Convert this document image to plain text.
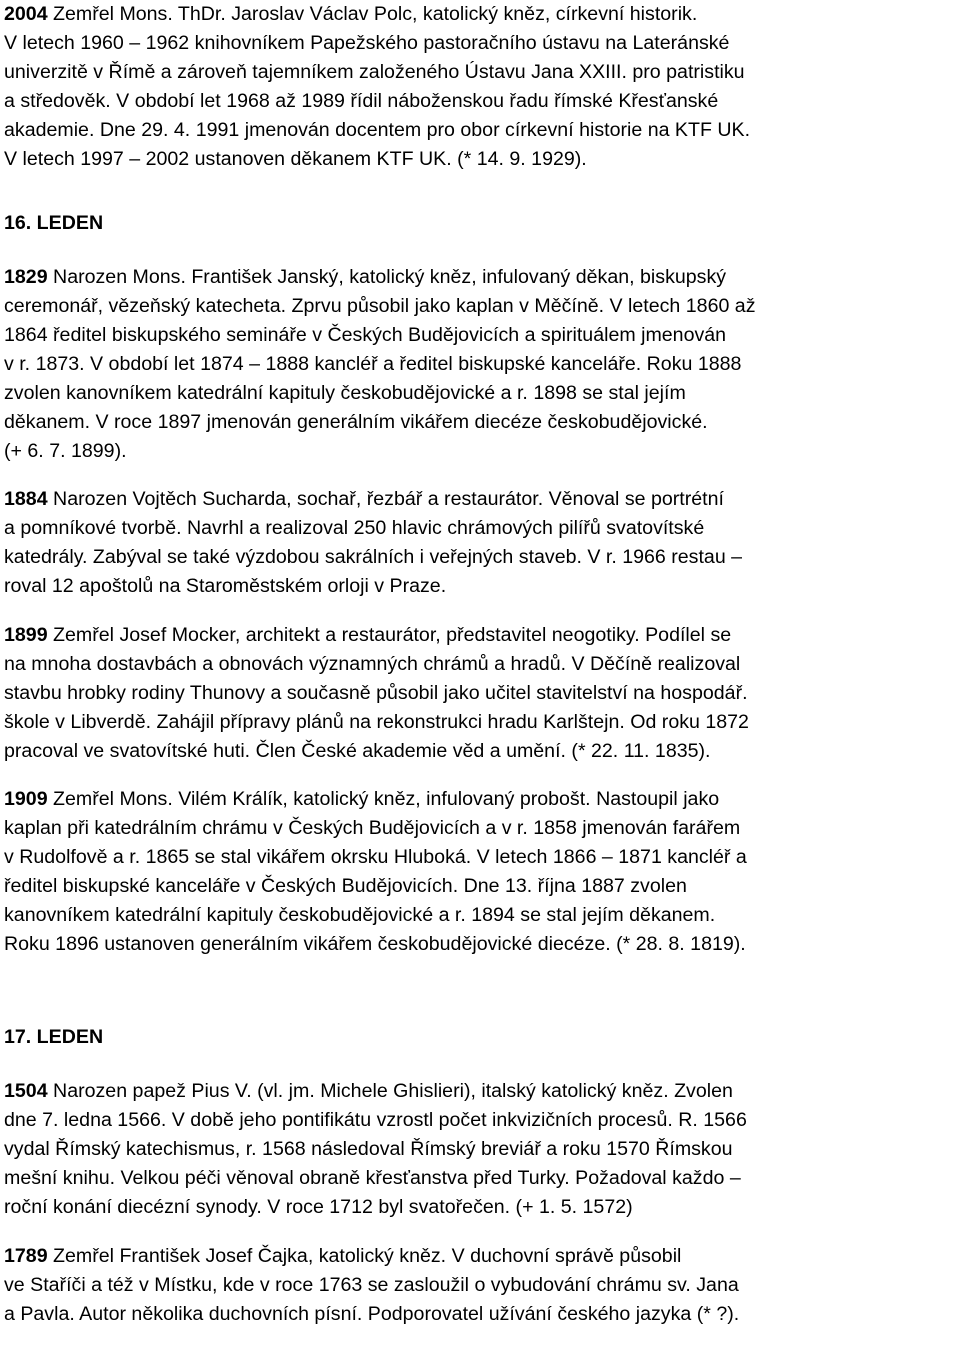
2004 Zemřel Mons. ThDr. Jaroslav Václav Polc, katolický kněz, církevní historik.
V letech 1960 – 1962 knihovníkem Papežského pastoračního ústavu na Lateránské
univerzitě v Římě a zároveň tajemníkem založeného Ústavu Jana XXIII. pro patristiku
a středověk. V období let 1968 až 1989 řídil náboženskou řadu římské Křesťanské
akademie. Dne 29. 4. 1991 jmenován docentem pro obor církevní historie na KTF UK.
V letech 1997 – 2002 ustanoven děkanem KTF UK. (* 14. 9. 1929).
16. LEDEN
1829 Narozen Mons. František Janský, katolický kněz, infulovaný děkan, biskupský
ceremonář, vězeňský katecheta. Zprvu působil jako kaplan v Měčíně. V letech 1860 až
1864 ředitel biskupského semináře v Českých Budějovicích a spirituálem jmenován
v r. 1873. V období let 1874 – 1888 kancléř a ředitel biskupské kanceláře. Roku 1888
zvolen kanovníkem katedrální kapituly českobudějovické a r. 1898 se stal jejím
děkanem. V roce 1897 jmenován generálním vikářem diecéze českobudějovické.
(+ 6. 7. 1899).
1884 Narozen Vojtěch Sucharda, sochař, řezbář a restaurátor. Věnoval se portrétní
a pomníkové tvorbě. Navrhl a realizoval 250 hlavic chrámových pilířů svatovítské
katedrály. Zabýval se také výzdobou sakrálních i veřejných staveb. V r. 1966 restau –
roval 12 apoštolů na Staroměstském orloji v Praze.
1899 Zemřel Josef Mocker, architekt a restaurátor, představitel neogotiky. Podílel se
na mnoha dostavbách a obnovách významných chrámů a hradů. V Děčíně realizoval
stavbu hrobky rodiny Thunovy a současně působil jako učitel stavitelství na hospodář.
škole v Libverdě. Zahájil přípravy plánů na rekonstrukci hradu Karlštejn. Od roku 1872
pracoval ve svatovítské huti. Člen České akademie věd a umění. (* 22. 11. 1835).
1909 Zemřel Mons. Vilém Králík, katolický kněz, infulovaný probošt. Nastoupil jako
kaplan při katedrálním chrámu v Českých Budějovicích a v r. 1858 jmenován farářem
v Rudolfově a r. 1865 se stal vikářem okrsku Hluboká. V letech 1866 – 1871 kancléř a
ředitel biskupské kanceláře v Českých Budějovicích. Dne 13. října 1887 zvolen
kanovníkem katedrální kapituly českobudějovické a r. 1894 se stal jejím děkanem.
Roku 1896 ustanoven generálním vikářem českobudějovické diecéze. (* 28. 8. 1819).
17. LEDEN
1504 Narozen papež Pius V. (vl. jm. Michele Ghislieri), italský katolický kněz. Zvolen
dne 7. ledna 1566. V době jeho pontifikátu vzrostl počet inkvizičních procesů. R. 1566
vydal Římský katechismus, r. 1568 následoval Římský breviář a roku 1570 Římskou
mešní knihu. Velkou péči věnoval obraně křesťanstva před Turky. Požadoval každo –
roční konání diecézní synody. V roce 1712 byl svatořečen. (+ 1. 5. 1572)
1789 Zemřel František Josef Čajka, katolický kněz. V duchovní správě působil
ve Staříči a též v Místku, kde v roce 1763 se zasloužil o vybudování chrámu sv. Jana
a Pavla. Autor několika duchovních písní. Podporovatel užívání českého jazyka (* ?).
